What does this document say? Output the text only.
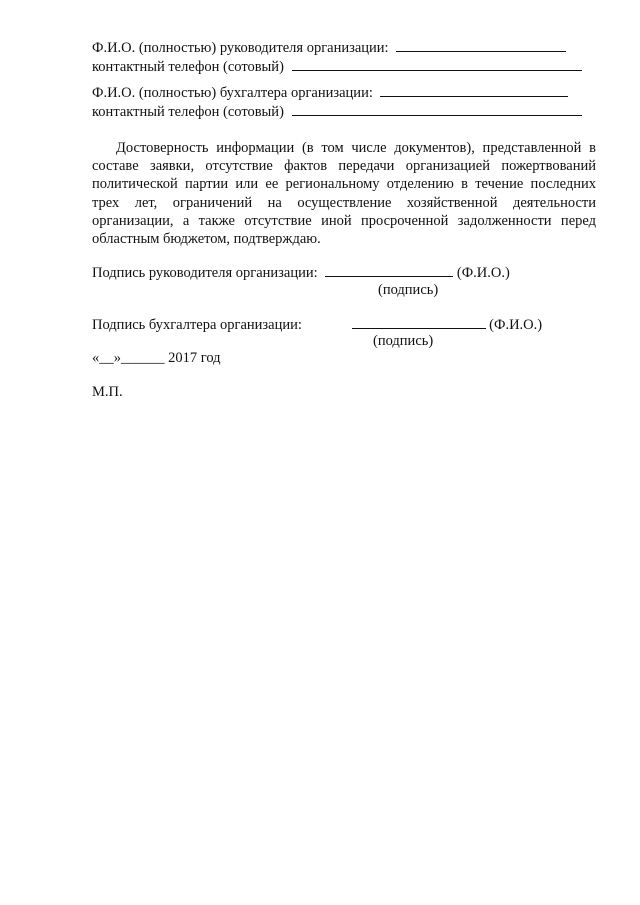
Ф.И.О. (полностью) руководителя организации:
контактный телефон (сотовый)
Ф.И.О. (полностью) бухгалтера организации:
контактный телефон (сотовый)
Достоверность информации (в том числе документов), представленной в составе заявки, отсутствие фактов передачи организацией пожертвований политической партии или ее региональному отделению в течение последних трех лет, ограничений на осуществление хозяйственной деятельности организации, а также отсутствие иной просроченной задолженности перед областным бюджетом, подтверждаю.
Подпись руководителя организации:	(Ф.И.О.)
(подпись)
Подпись бухгалтера организации:	(Ф.И.О.)
(подпись)
«__»______ 2017 год
М.П.
